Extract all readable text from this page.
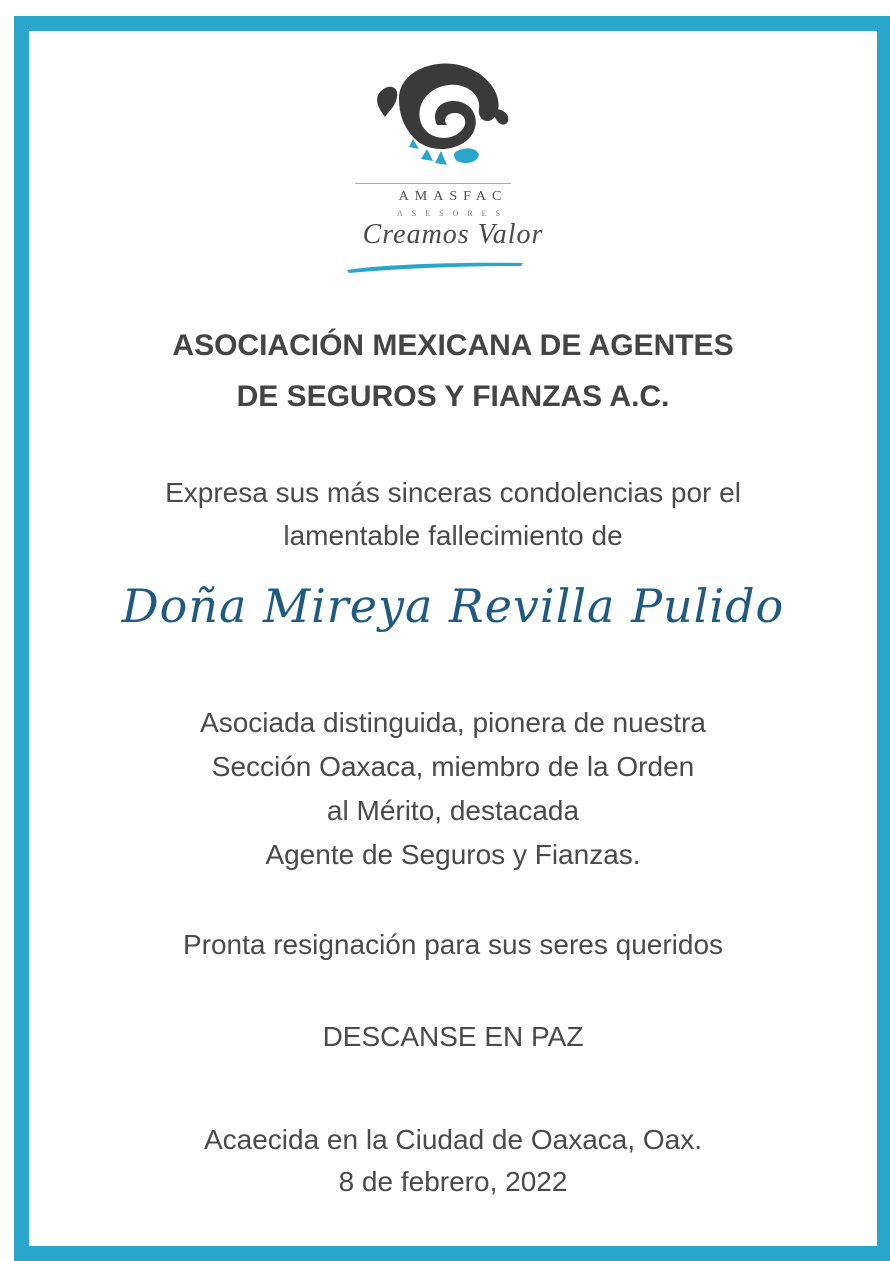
AMASFAC
ASESORES
Creamos Valor
ASOCIACIÓN MEXICANA DE AGENTES
DE SEGUROS Y FIANZAS A.C.
Expresa sus más sinceras condolencias por el
lamentable fallecimiento de
Doña Mireya Revilla Pulido
Asociada distinguida, pionera de nuestra
Sección Oaxaca, miembro de la Orden
al Mérito, destacada
Agente de Seguros y Fianzas.
Pronta resignación para sus seres queridos
DESCANSE EN PAZ
Acaecida en la Ciudad de Oaxaca, Oax.
8 de febrero, 2022
